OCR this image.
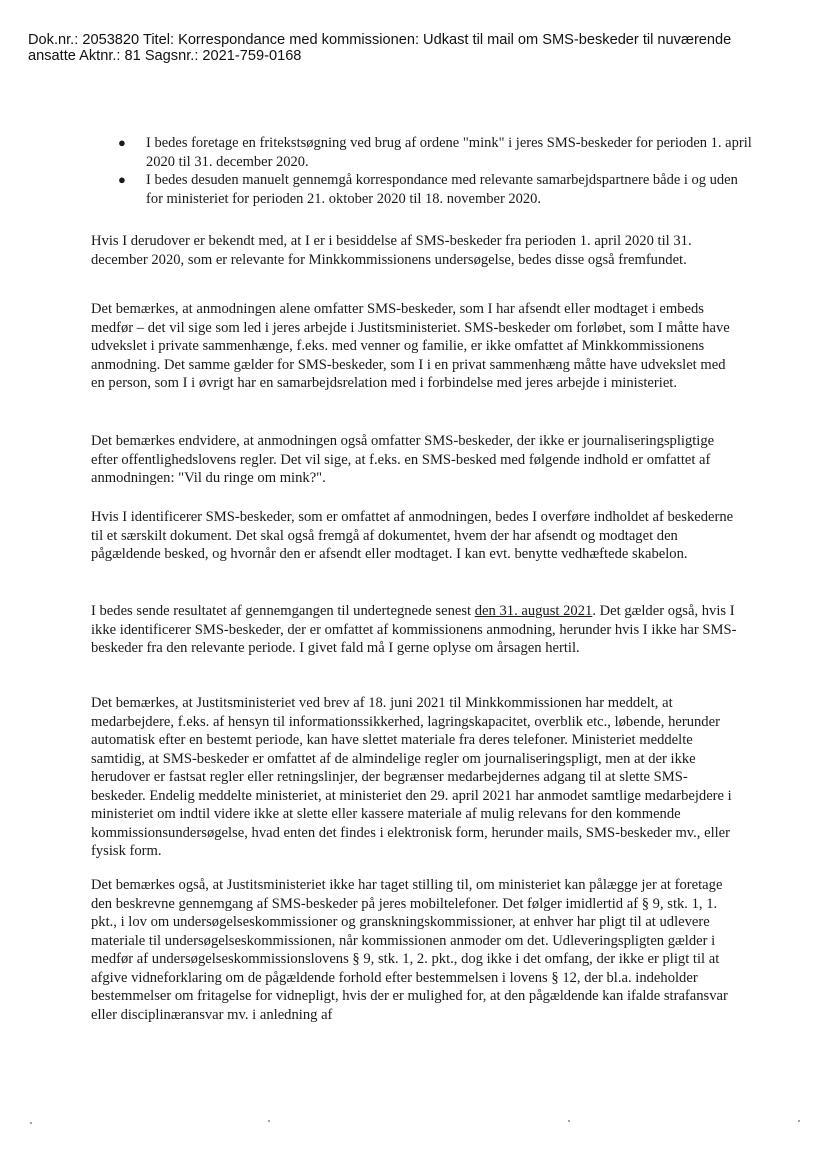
Dok.nr.: 2053820 Titel: Korrespondance med kommissionen: Udkast til mail om SMS-beskeder til nuværende
ansatte Aktnr.: 81 Sagsnr.: 2021-759-0168
● I bedes foretage en fritekstsøgning ved brug af ordene "mink" i jeres SMS-beskeder for perioden 1. april 2020 til 31. december 2020.
● I bedes desuden manuelt gennemgå korrespondance med relevante samarbejdspartnere både i og uden for ministeriet for perioden 21. oktober 2020 til 18. november 2020.

Hvis I derudover er bekendt med, at I er i besiddelse af SMS-beskeder fra perioden 1. april 2020 til 31. december 2020, som er relevante for Minkkommissionens undersøgelse, bedes disse også fremfundet.

Det bemærkes, at anmodningen alene omfatter SMS-beskeder, som I har afsendt eller modtaget i embeds medfør – det vil sige som led i jeres arbejde i Justitsministeriet. SMS-beskeder om forløbet, som I måtte have udvekslet i private sammenhænge, f.eks. med venner og familie, er ikke omfattet af Minkkommissionens anmodning. Det samme gælder for SMS-beskeder, som I i en privat sammenhæng måtte have udvekslet med en person, som I i øvrigt har en samarbejdsrelation med i forbindelse med jeres arbejde i ministeriet.

Det bemærkes endvidere, at anmodningen også omfatter SMS-beskeder, der ikke er journaliseringspligtige efter offentlighedslovens regler. Det vil sige, at f.eks. en SMS-besked med følgende indhold er omfattet af anmodningen: "Vil du ringe om mink?".

Hvis I identificerer SMS-beskeder, som er omfattet af anmodningen, bedes I overføre indholdet af beskederne til et særskilt dokument. Det skal også fremgå af dokumentet, hvem der har afsendt og modtaget den pågældende besked, og hvornår den er afsendt eller modtaget. I kan evt. benytte vedhæftede skabelon.

I bedes sende resultatet af gennemgangen til undertegnede senest den 31. august 2021. Det gælder også, hvis I ikke identificerer SMS-beskeder, der er omfattet af kommissionens anmodning, herunder hvis I ikke har SMS-beskeder fra den relevante periode. I givet fald må I gerne oplyse om årsagen hertil.

Det bemærkes, at Justitsministeriet ved brev af 18. juni 2021 til Minkkommissionen har meddelt, at medarbejdere, f.eks. af hensyn til informationssikkerhed, lagringskapacitet, overblik etc., løbende, herunder automatisk efter en bestemt periode, kan have slettet materiale fra deres telefoner. Ministeriet meddelte samtidig, at SMS-beskeder er omfattet af de almindelige regler om journaliseringspligt, men at der ikke herudover er fastsat regler eller retningslinjer, der begrænser medarbejdernes adgang til at slette SMS-beskeder. Endelig meddelte ministeriet, at ministeriet den 29. april 2021 har anmodet samtlige medarbejdere i ministeriet om indtil videre ikke at slette eller kassere materiale af mulig relevans for den kommende kommissionsundersøgelse, hvad enten det findes i elektronisk form, herunder mails, SMS-beskeder mv., eller fysisk form.

Det bemærkes også, at Justitsministeriet ikke har taget stilling til, om ministeriet kan pålægge jer at foretage den beskrevne gennemgang af SMS-beskeder på jeres mobiltelefoner. Det følger imidlertid af § 9, stk. 1, 1. pkt., i lov om undersøgelseskommissioner og granskningskommissioner, at enhver har pligt til at udlevere materiale til undersøgelseskommissionen, når kommissionen anmoder om det. Udleveringspligten gælder i medfør af undersøgelseskommissionslovens § 9, stk. 1, 2. pkt., dog ikke i det omfang, der ikke er pligt til at afgive vidneforklaring om de pågældende forhold efter bestemmelsen i lovens § 12, der bl.a. indeholder bestemmelser om fritagelse for vidnepligt, hvis der er mulighed for, at den pågældende kan ifalde strafansvar eller disciplinæransvar mv. i anledning af
